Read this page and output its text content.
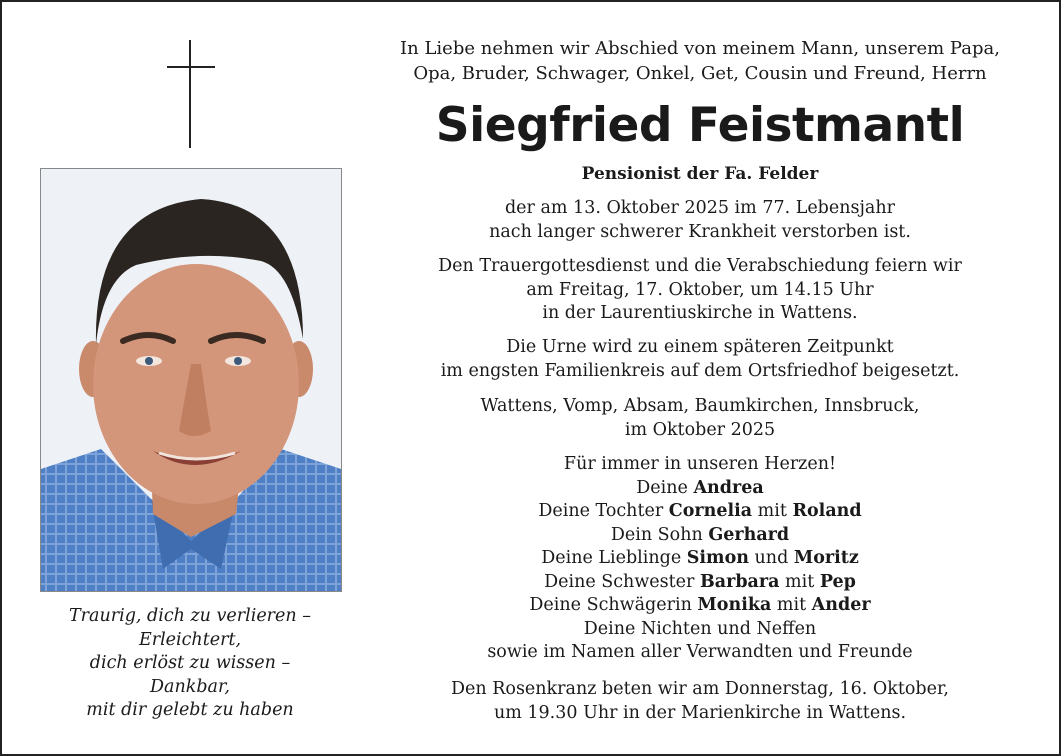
Traurig, dich zu verlieren –
Erleichtert,
dich erlöst zu wissen –
Dankbar,
mit dir gelebt zu haben
In Liebe nehmen wir Abschied von meinem Mann, unserem Papa,
Opa, Bruder, Schwager, Onkel, Get, Cousin und Freund, Herrn
Siegfried Feistmantl
Pensionist der Fa. Felder
der am 13. Oktober 2025 im 77. Lebensjahr
nach langer schwerer Krankheit verstorben ist.
Den Trauergottesdienst und die Verabschiedung feiern wir
am Freitag, 17. Oktober, um 14.15 Uhr
in der Laurentiuskirche in Wattens.
Die Urne wird zu einem späteren Zeitpunkt
im engsten Familienkreis auf dem Ortsfriedhof beigesetzt.
Wattens, Vomp, Absam, Baumkirchen, Innsbruck,
im Oktober 2025
Für immer in unseren Herzen!
Deine Andrea
Deine Tochter Cornelia mit Roland
Dein Sohn Gerhard
Deine Lieblinge Simon und Moritz
Deine Schwester Barbara mit Pep
Deine Schwägerin Monika mit Ander
Deine Nichten und Neffen
sowie im Namen aller Verwandten und Freunde
Den Rosenkranz beten wir am Donnerstag, 16. Oktober,
um 19.30 Uhr in der Marienkirche in Wattens.
